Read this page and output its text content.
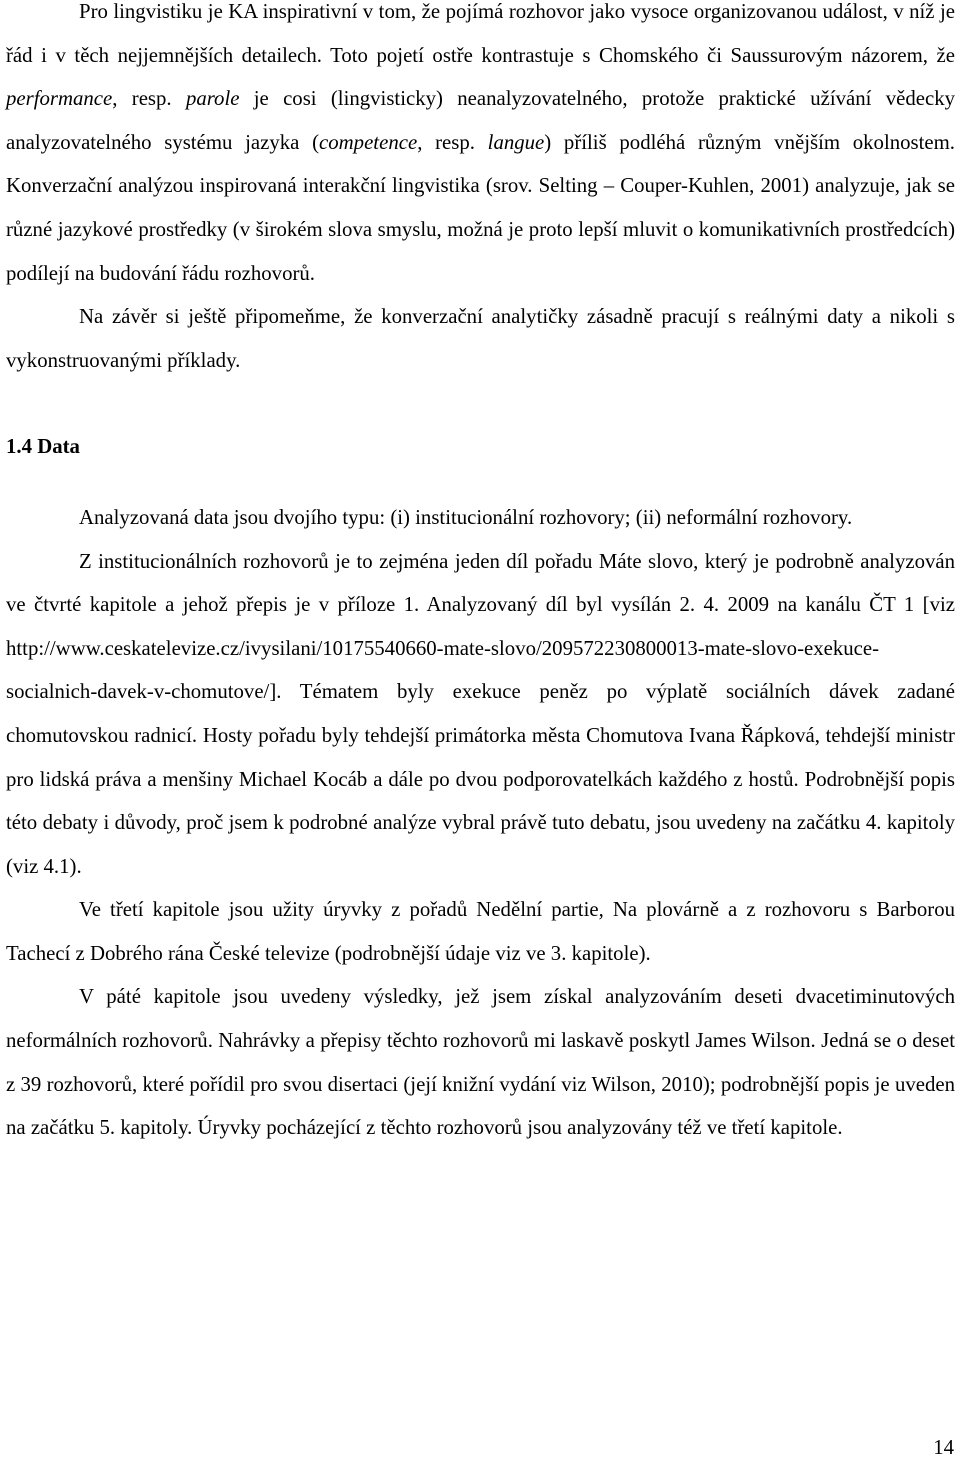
Pro lingvistiku je KA inspirativní v tom, že pojímá rozhovor jako vysoce organizovanou událost, v níž je řád i v těch nejjemnějších detailech. Toto pojetí ostře kontrastuje s Chomského či Saussurovým názorem, že performance, resp. parole je cosi (lingvisticky) neanalyzovatelného, protože praktické užívání vědecky analyzovatelného systému jazyka (competence, resp. langue) příliš podléhá různým vnějším okolnostem. Konverzační analýzou inspirovaná interakční lingvistika (srov. Selting – Couper-Kuhlen, 2001) analyzuje, jak se různé jazykové prostředky (v širokém slova smyslu, možná je proto lepší mluvit o komunikativních prostředcích) podílejí na budování řádu rozhovorů.

Na závěr si ještě připomeňme, že konverzační analytičky zásadně pracují s reálnými daty a nikoli s vykonstruovanými příklady.

1.4 Data

Analyzovaná data jsou dvojího typu: (i) institucionální rozhovory; (ii) neformální rozhovory.

Z institucionálních rozhovorů je to zejména jeden díl pořadu Máte slovo, který je podrobně analyzován ve čtvrté kapitole a jehož přepis je v příloze 1. Analyzovaný díl byl vysílán 2. 4. 2009 na kanálu ČT 1 [viz http://www.ceskatelevize.cz/ivysilani/10175540660-mate-slovo/209572230800013-mate-slovo-exekuce-socialnich-davek-v-chomutove/]. Tématem byly exekuce peněz po výplatě sociálních dávek zadané chomutovskou radnicí. Hosty pořadu byly tehdejší primátorka města Chomutova Ivana Řápková, tehdejší ministr pro lidská práva a menšiny Michael Kocáb a dále po dvou podporovatelkách každého z hostů. Podrobnější popis této debaty i důvody, proč jsem k podrobné analýze vybral právě tuto debatu, jsou uvedeny na začátku 4. kapitoly (viz 4.1).

Ve třetí kapitole jsou užity úryvky z pořadů Nedělní partie, Na plovárně a z rozhovoru s Barborou Tachecí z Dobrého rána České televize (podrobnější údaje viz ve 3. kapitole).

V páté kapitole jsou uvedeny výsledky, jež jsem získal analyzováním deseti dvacetiminutových neformálních rozhovorů. Nahrávky a přepisy těchto rozhovorů mi laskavě poskytl James Wilson. Jedná se o deset z 39 rozhovorů, které pořídil pro svou disertaci (její knižní vydání viz Wilson, 2010); podrobnější popis je uveden na začátku 5. kapitoly. Úryvky pocházející z těchto rozhovorů jsou analyzovány též ve třetí kapitole.

14
